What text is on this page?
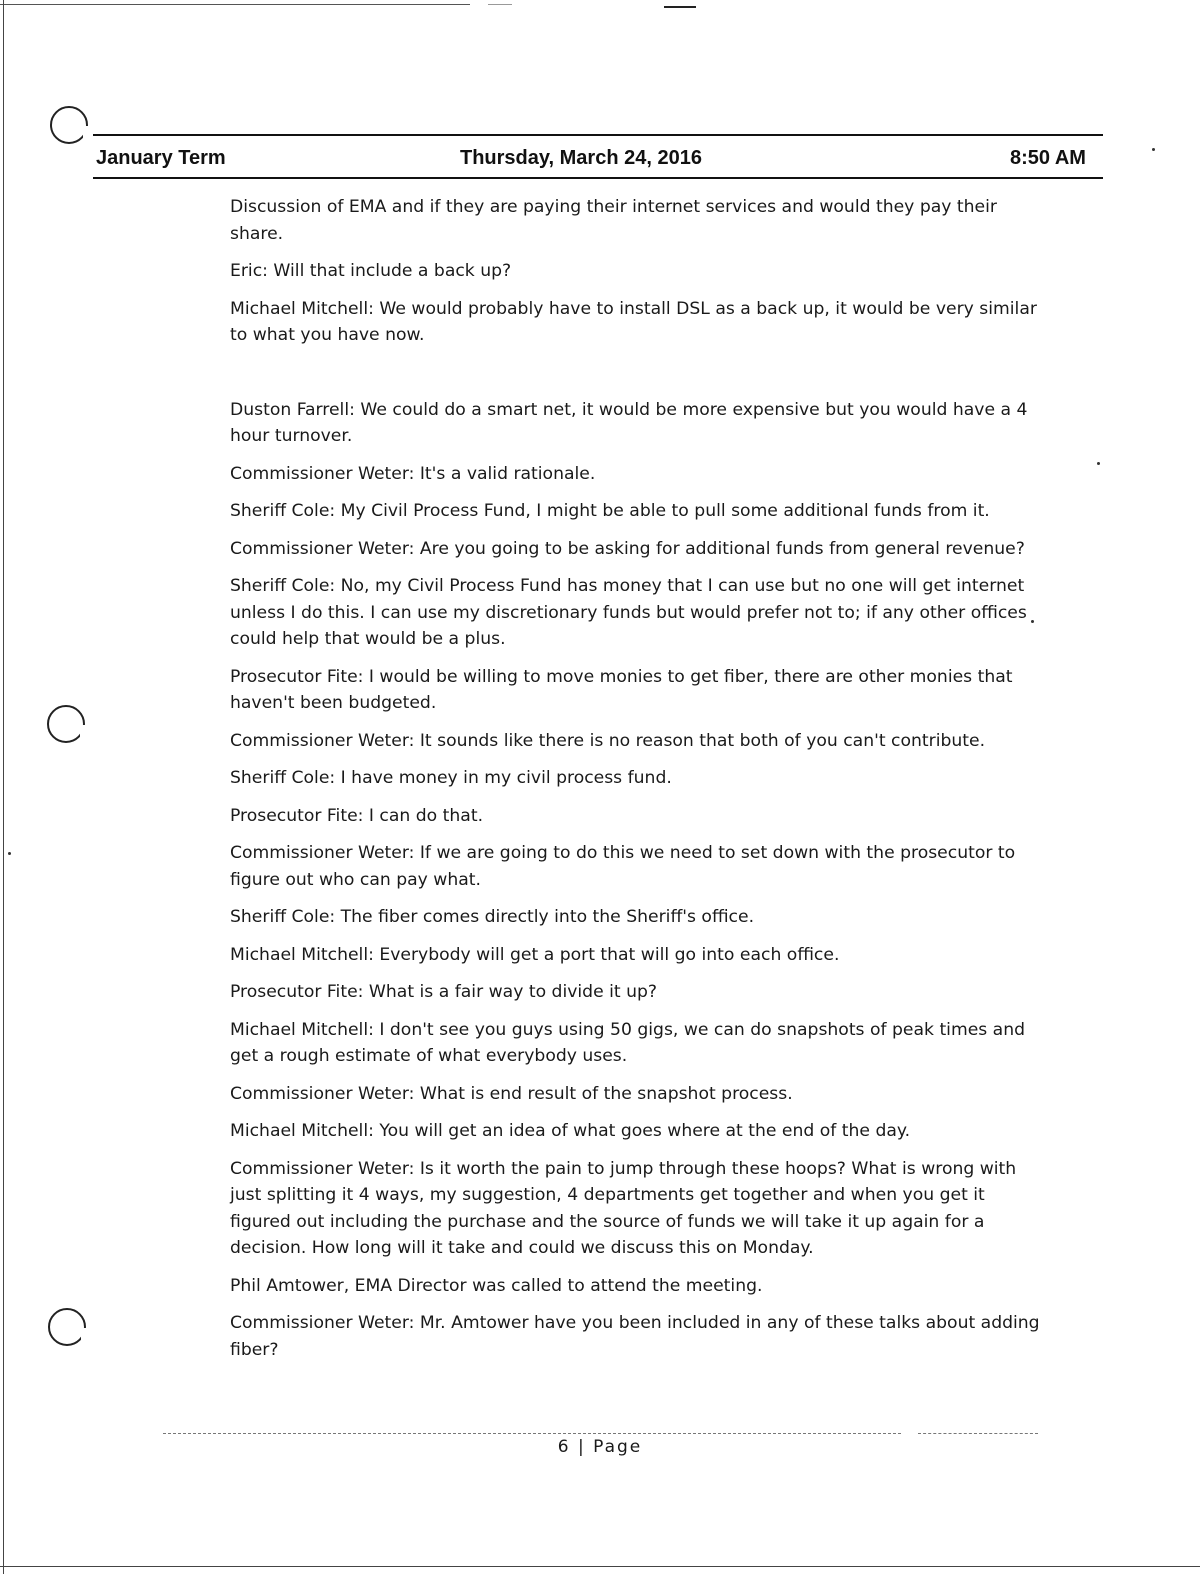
January Term	Thursday, March 24, 2016	8:50 AM

Discussion of EMA and if they are paying their internet services and would they pay their share.

Eric: Will that include a back up?

Michael Mitchell: We would probably have to install DSL as a back up, it would be very similar to what you have now.

Duston Farrell: We could do a smart net, it would be more expensive but you would have a 4 hour turnover.

Commissioner Weter: It's a valid rationale.

Sheriff Cole: My Civil Process Fund, I might be able to pull some additional funds from it.

Commissioner Weter: Are you going to be asking for additional funds from general revenue?

Sheriff Cole: No, my Civil Process Fund has money that I can use but no one will get internet unless I do this. I can use my discretionary funds but would prefer not to; if any other offices could help that would be a plus.

Prosecutor Fite: I would be willing to move monies to get fiber, there are other monies that haven't been budgeted.

Commissioner Weter: It sounds like there is no reason that both of you can't contribute.

Sheriff Cole: I have money in my civil process fund.

Prosecutor Fite: I can do that.

Commissioner Weter: If we are going to do this we need to set down with the prosecutor to figure out who can pay what.

Sheriff Cole: The fiber comes directly into the Sheriff's office.

Michael Mitchell: Everybody will get a port that will go into each office.

Prosecutor Fite: What is a fair way to divide it up?

Michael Mitchell: I don't see you guys using 50 gigs, we can do snapshots of peak times and get a rough estimate of what everybody uses.

Commissioner Weter: What is end result of the snapshot process.

Michael Mitchell: You will get an idea of what goes where at the end of the day.

Commissioner Weter: Is it worth the pain to jump through these hoops? What is wrong with just splitting it 4 ways, my suggestion, 4 departments get together and when you get it figured out including the purchase and the source of funds we will take it up again for a decision. How long will it take and could we discuss this on Monday.

Phil Amtower, EMA Director was called to attend the meeting.

Commissioner Weter: Mr. Amtower have you been included in any of these talks about adding fiber?

6 | Page
